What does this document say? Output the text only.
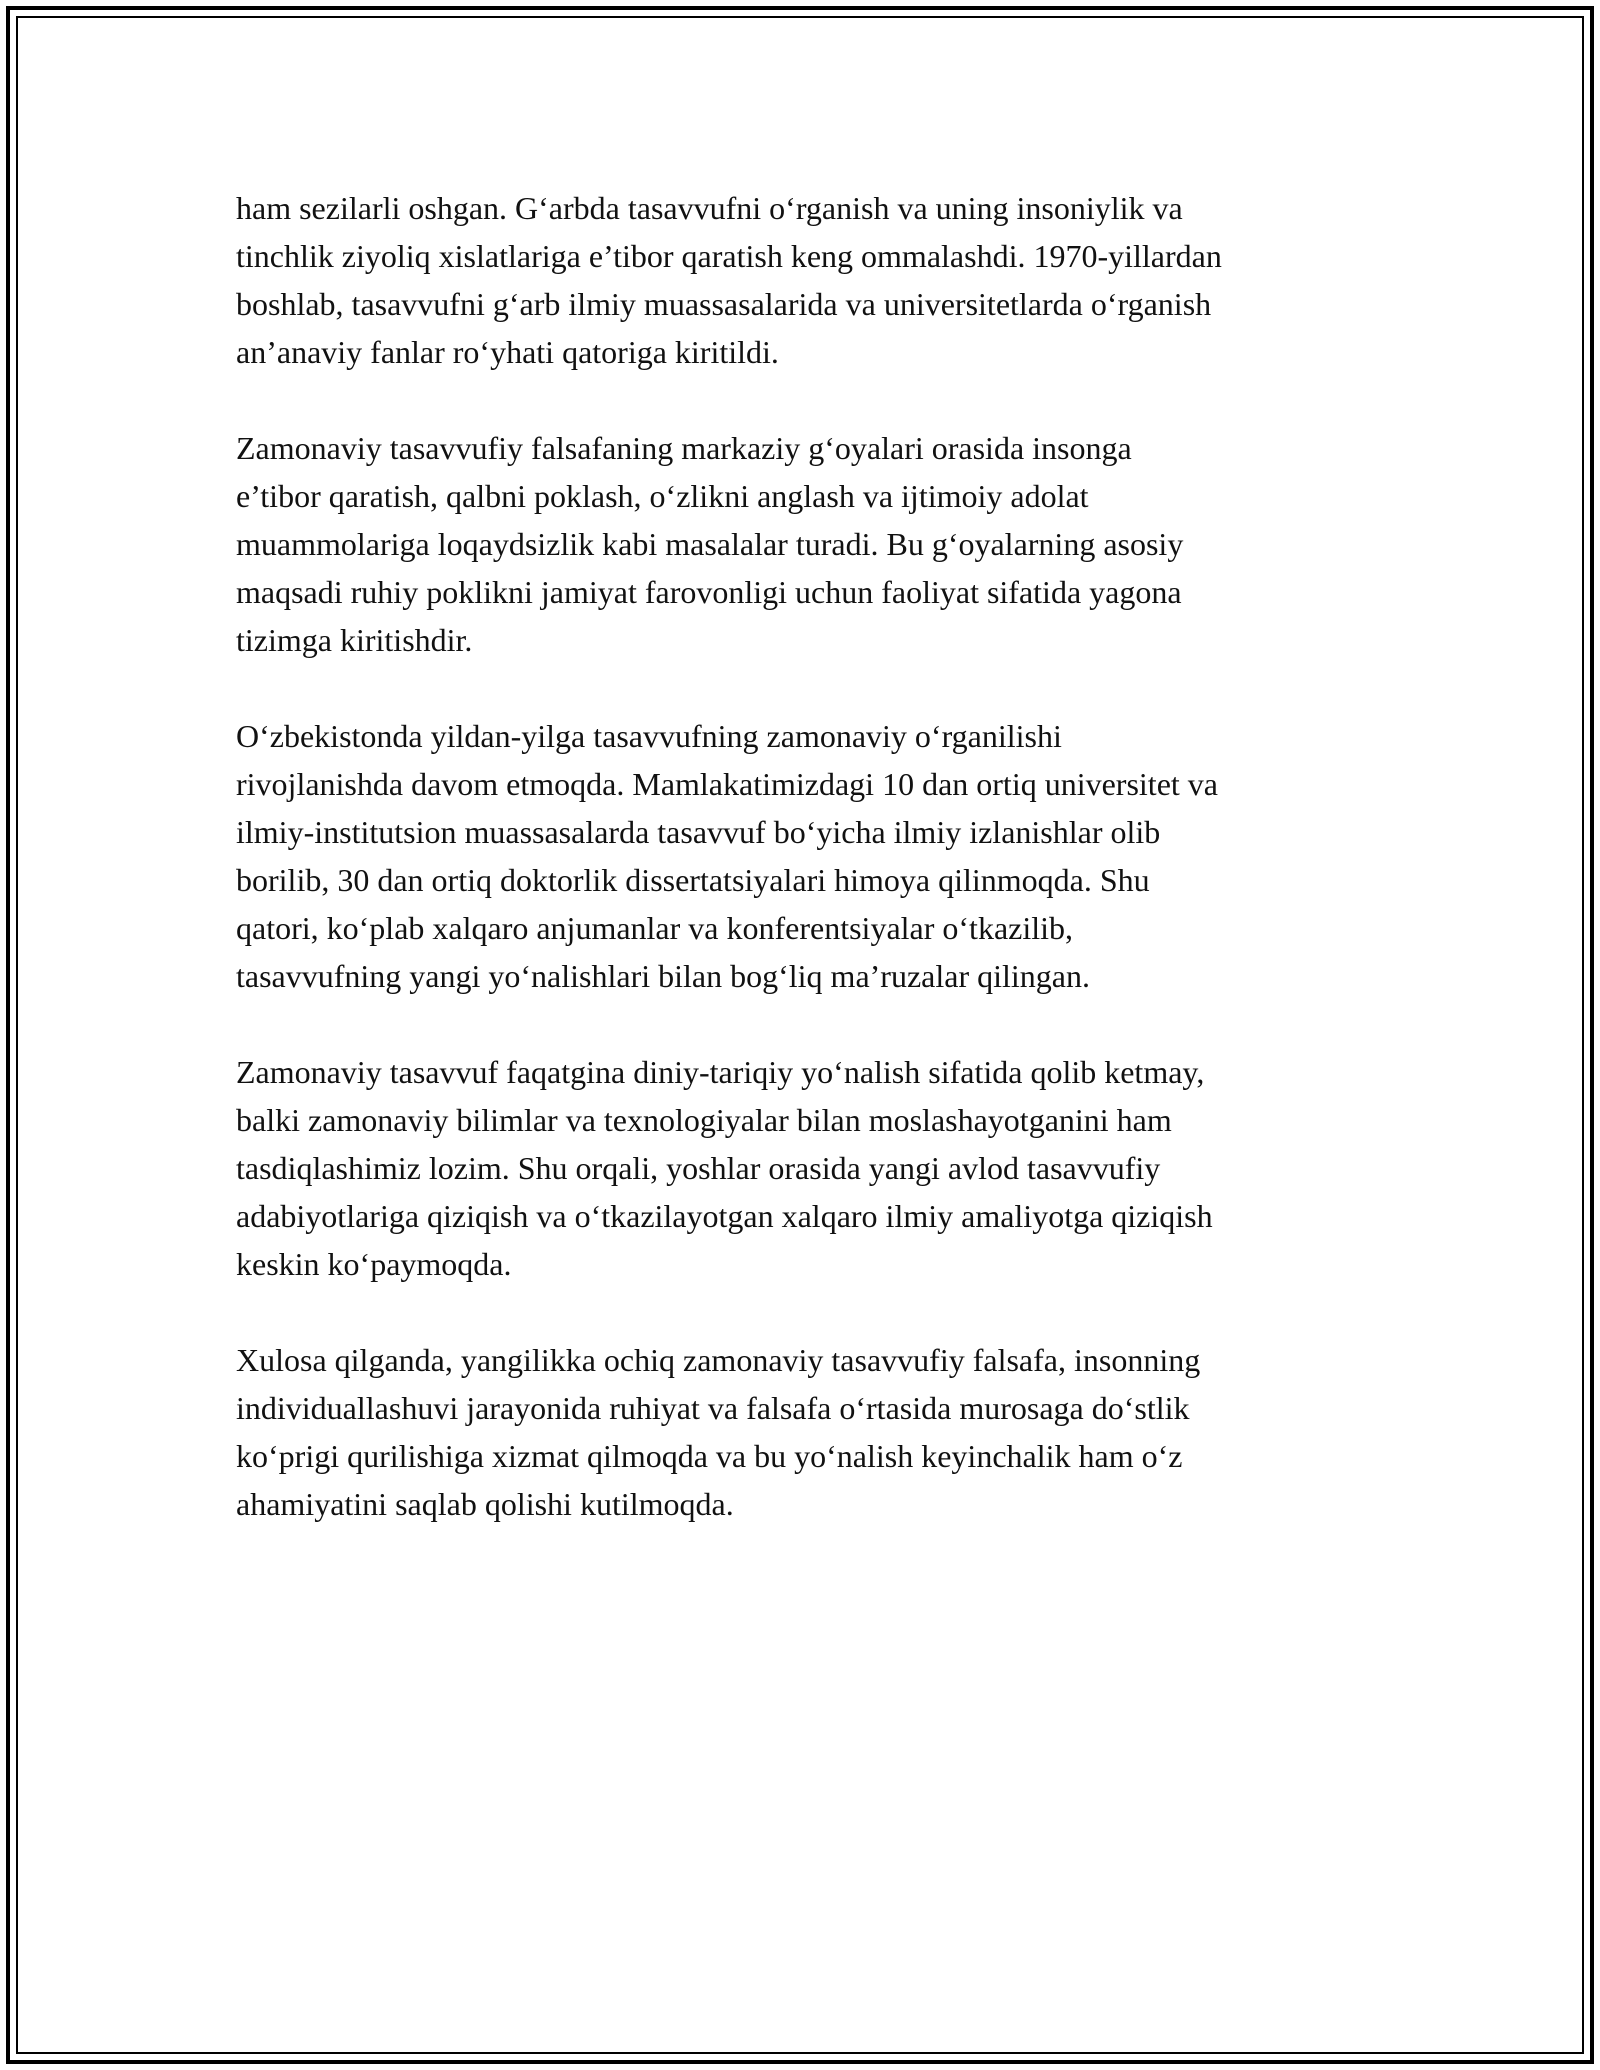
ham sezilarli oshgan. G‘arbda tasavvufni o‘rganish va uning insoniylik va
tinchlik ziyoliq xislatlariga e’tibor qaratish keng ommalashdi. 1970-yillardan
boshlab, tasavvufni g‘arb ilmiy muassasalarida va universitetlarda o‘rganish
an’anaviy fanlar ro‘yhati qatoriga kiritildi.

Zamonaviy tasavvufiy falsafaning markaziy g‘oyalari orasida insonga
e’tibor qaratish, qalbni poklash, o‘zlikni anglash va ijtimoiy adolat
muammolariga loqaydsizlik kabi masalalar turadi. Bu g‘oyalarning asosiy
maqsadi ruhiy poklikni jamiyat farovonligi uchun faoliyat sifatida yagona
tizimga kiritishdir.

O‘zbekistonda yildan-yilga tasavvufning zamonaviy o‘rganilishi
rivojlanishda davom etmoqda. Mamlakatimizdagi 10 dan ortiq universitet va
ilmiy-institutsion muassasalarda tasavvuf bo‘yicha ilmiy izlanishlar olib
borilib, 30 dan ortiq doktorlik dissertatsiyalari himoya qilinmoqda. Shu
qatori, ko‘plab xalqaro anjumanlar va konferentsiyalar o‘tkazilib,
tasavvufning yangi yo‘nalishlari bilan bog‘liq ma’ruzalar qilingan.

Zamonaviy tasavvuf faqatgina diniy-tariqiy yo‘nalish sifatida qolib ketmay,
balki zamonaviy bilimlar va texnologiyalar bilan moslashayotganini ham
tasdiqlashimiz lozim. Shu orqali, yoshlar orasida yangi avlod tasavvufiy
adabiyotlariga qiziqish va o‘tkazilayotgan xalqaro ilmiy amaliyotga qiziqish
keskin ko‘paymoqda.

Xulosa qilganda, yangilikka ochiq zamonaviy tasavvufiy falsafa, insonning
individuallashuvi jarayonida ruhiyat va falsafa o‘rtasida murosaga do‘stlik
ko‘prigi qurilishiga xizmat qilmoqda va bu yo‘nalish keyinchalik ham o‘z
ahamiyatini saqlab qolishi kutilmoqda.
